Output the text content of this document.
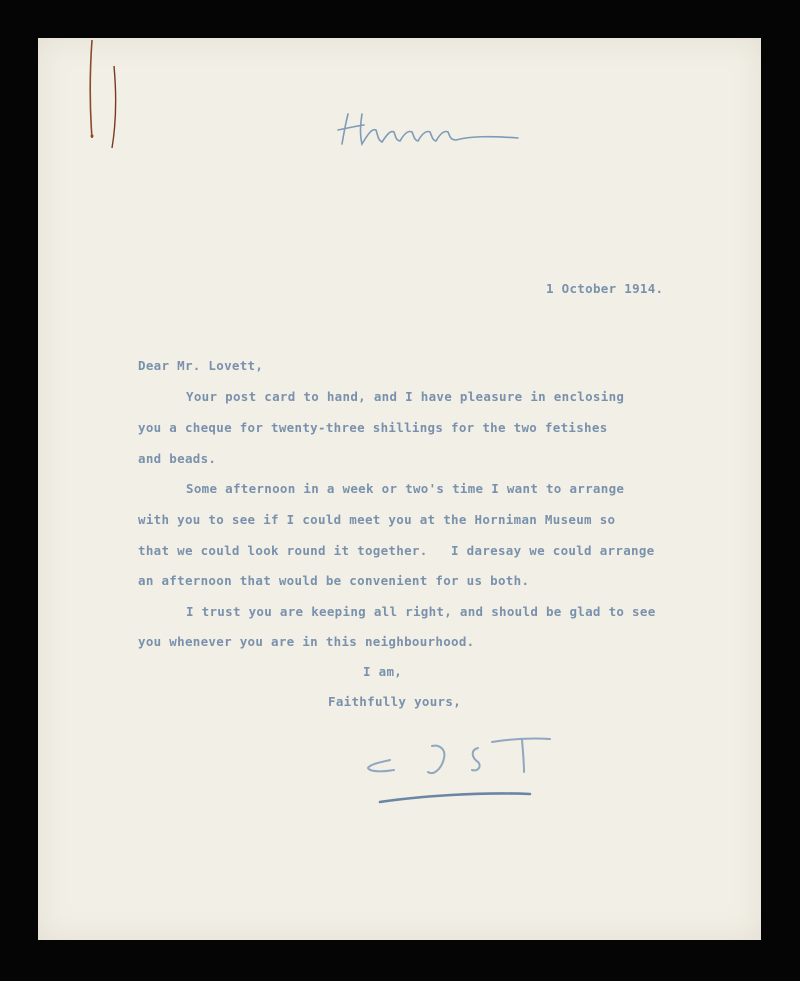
1 October 1914.
Dear Mr. Lovett,
Your post card to hand, and I have pleasure in enclosing
you a cheque for twenty-three shillings for the two fetishes
and beads.
Some afternoon in a week or two's time I want to arrange
with you to see if I could meet you at the Horniman Museum so
that we could look round it together.   I daresay we could arrange
an afternoon that would be convenient for us both.
I trust you are keeping all right, and should be glad to see
you whenever you are in this neighbourhood.
I am,
Faithfully yours,
